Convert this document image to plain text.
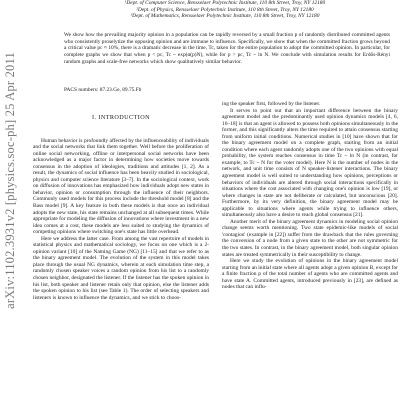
arXiv:1102.3931v2 [physics.soc-ph] 25 Apr 2011
¹Dept. of Computer Science, Rensselaer Polytechnic Institute, 110 8th Street, Troy, NY 12180
²Dept. of Physics, Rensselaer Polytechnic Institute, 110 8th Street, Troy, NY 12180
³Dept. of Mathematics, Rensselaer Polytechnic Institute, 110 8th Street, Troy, NY 12180

We show how the prevailing majority opinion in a population can be rapidly reversed by a small fraction p of randomly distributed committed agents who consistently proselytize the opposing opinion and are immune to influence. Specifically, we show that when the committed fraction grows beyond a critical value pc ≈ 10%, there is a dramatic decrease in the time, Tc, taken for the entire population to adopt the committed opinion. In particular, for complete graphs we show that when p < pc, Tc ~ exp(α(p)N), while for p > pc, Tc ~ ln N. We conclude with simulation results for Erdős-Rényi random graphs and scale-free networks which show qualitatively similar behavior.

PACS numbers: 87.23.Ge, 89.75.Fb
I. INTRODUCTION

Human behavior is profoundly affected by the influenceability of individuals and the social networks that link them together. Well before the proliferation of online social networking, offline or interpersonal social networks have been acknowledged as a major factor in determining how societies move towards consensus in the adoption of ideologies, traditions and attitudes [1, 2]. As a result, the dynamics of social influence has been heavily studied in sociological, physics and computer science literature [3–7]. In the sociological context, work on diffusion of innovations has emphasized how individuals adopt new states in behavior, opinion or consumption through the influence of their neighbors. Commonly used models for this process include the threshold model [8] and the Bass model [9]. A key feature in both these models is that once an individual adopts the new state, his state remains unchanged at all subsequent times. While appropriate for modeling the diffusion of innovations where investment in a new idea comes at a cost, these models are less suited to studying the dynamics of competing opinions where switching one's state has little overhead.

Here we address the latter case. From among the vast repertoire of models in statistical physics and mathematical sociology, we focus on one which is a 2-opinion variant [10] of the Naming Game (NG) [11–15] and that we refer to as the binary agreement model. The evolution of the system in this model takes place through the usual NG dynamics, wherein at each simulation time step, a randomly chosen speaker voices a random opinion from his list to a randomly chosen neighbor, designated the listener. If the listener has the spoken opinion in his list, both speaker and listener retain only that opinion, else the listener adds the spoken opinion to his list (see Table 1). The order of selecting speakers and listeners is known to influence the dynamics, and we stick to choos-

ing the speaker first, followed by the listener.

It serves to point out that an important difference between the binary agreement model and the predominantly used opinion dynamics models [4, 6, 16–18] is that an agent is allowed to possess both opinions simultaneously in the former, and this significantly alters the time required to attain consensus starting from uniform initial conditions. Numerical studies in [10] have shown that for the binary agreement model on a complete graph, starting from an initial condition where each agent randomly adopts one of the two opinions with equal probability, the system reaches consensus in time Tc ~ ln N (in contrast, for example, to Tc ~ N for the voter model). Here N is the number of nodes in the network, and unit time consists of N speaker-listener interactions. The binary agreement model is well suited to understanding how opinions, perceptions or behaviors of individuals are altered through social interactions specifically in situations where the cost associated with changing one's opinion is low [19], or where changes in state are not deliberate or calculated, but unconscious [20]. Furthermore, by its very definition, the binary agreement model may be applicable to situations where agents while trying to influence others, simultaneously also have a desire to reach global consensus [21].

Another merit of the binary agreement dynamics in modeling social opinion change seems worth mentioning. Two state epidemic-like models of social 'contagion' (example in [22]) suffer from the drawback that the rules governing the conversion of a node from a given state to the other are not symmetric for the two states. In contrast, in the binary agreement model, both singular opinion states are treated symmetrically in their susceptibility to change.

Here we study the evolution of opinions in the binary agreement model starting from an initial state where all agents adopt a given opinion B, except for a finite fraction p of the total number of agents who are committed agents and have state A. Committed agents, introduced previously in [23], are defined as nodes that can influ-
